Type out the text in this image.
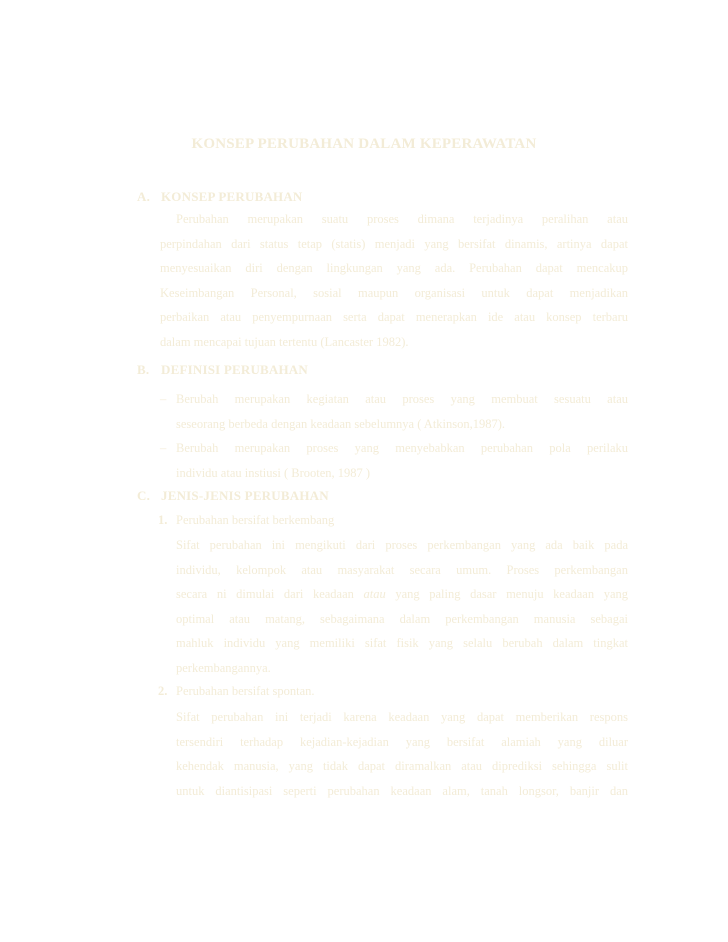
KONSEP PERUBAHAN DALAM KEPERAWATAN
A. KONSEP PERUBAHAN
Perubahan merupakan suatu proses dimana terjadinya peralihan atau
perpindahan dari status tetap (statis) menjadi yang bersifat dinamis, artinya dapat
menyesuaikan diri dengan lingkungan yang ada. Perubahan dapat mencakup
Keseimbangan Personal, sosial maupun organisasi untuk dapat menjadikan
perbaikan atau penyempurnaan serta dapat menerapkan ide atau konsep terbaru
dalam mencapai tujuan tertentu (Lancaster 1982).
B. DEFINISI PERUBAHAN
– Berubah merupakan kegiatan atau proses yang membuat sesuatu atau
seseorang berbeda dengan keadaan sebelumnya ( Atkinson,1987).
– Berubah merupakan proses yang menyebabkan perubahan pola perilaku
individu atau instiusi ( Brooten, 1987 )
C. JENIS-JENIS PERUBAHAN
1. Perubahan bersifat berkembang
Sifat perubahan ini mengikuti dari proses perkembangan yang ada baik pada
individu, kelompok atau masyarakat secara umum. Proses perkembangan
secara ni dimulai dari keadaan atau yang paling dasar menuju keadaan yang
optimal atau matang, sebagaimana dalam perkembangan manusia sebagai
mahluk individu yang memiliki sifat fisik yang selalu berubah dalam tingkat
perkembangannya.
2. Perubahan bersifat spontan.
Sifat perubahan ini terjadi karena keadaan yang dapat memberikan respons
tersendiri terhadap kejadian-kejadian yang bersifat alamiah yang diluar
kehendak manusia, yang tidak dapat diramalkan atau diprediksi sehingga sulit
untuk diantisipasi seperti perubahan keadaan alam, tanah longsor, banjir dan
